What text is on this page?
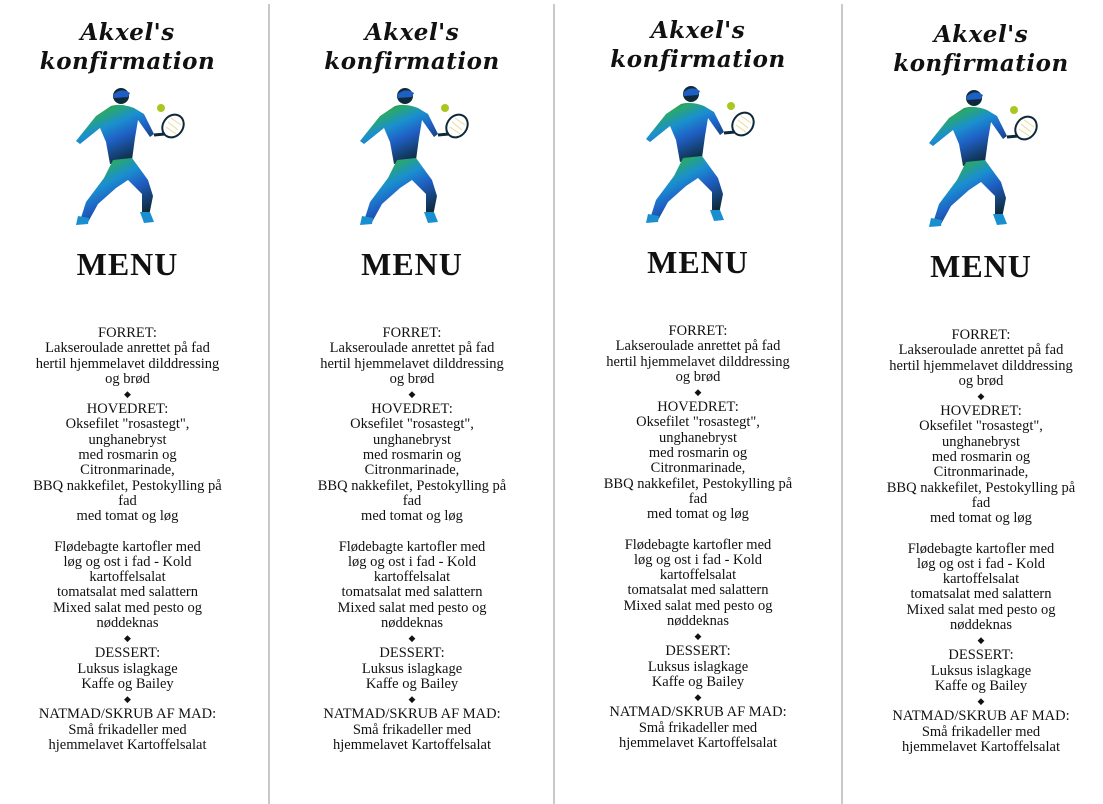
Akxel's
konfirmation
MENU
FORRET:
Lakseroulade anrettet på fad
hertil hjemmelavet dilddressing
og brød
◆
HOVEDRET:
Oksefilet "rosastegt",
unghanebryst
med rosmarin og
Citronmarinade,
BBQ nakkefilet, Pestokylling på
fad
med tomat og løg
Flødebagte kartofler med
løg og ost i fad - Kold
kartoffelsalat
tomatsalat med salattern
Mixed salat med pesto og
nøddeknas
◆
DESSERT:
Luksus islagkage
Kaffe og Bailey
◆
NATMAD/SKRUB AF MAD:
Små frikadeller med
hjemmelavet Kartoffelsalat
Akxel's
konfirmation
MENU
FORRET:
Lakseroulade anrettet på fad
hertil hjemmelavet dilddressing
og brød
◆
HOVEDRET:
Oksefilet "rosastegt",
unghanebryst
med rosmarin og
Citronmarinade,
BBQ nakkefilet, Pestokylling på
fad
med tomat og løg
Flødebagte kartofler med
løg og ost i fad - Kold
kartoffelsalat
tomatsalat med salattern
Mixed salat med pesto og
nøddeknas
◆
DESSERT:
Luksus islagkage
Kaffe og Bailey
◆
NATMAD/SKRUB AF MAD:
Små frikadeller med
hjemmelavet Kartoffelsalat
Akxel's
konfirmation
MENU
FORRET:
Lakseroulade anrettet på fad
hertil hjemmelavet dilddressing
og brød
◆
HOVEDRET:
Oksefilet "rosastegt",
unghanebryst
med rosmarin og
Citronmarinade,
BBQ nakkefilet, Pestokylling på
fad
med tomat og løg
Flødebagte kartofler med
løg og ost i fad - Kold
kartoffelsalat
tomatsalat med salattern
Mixed salat med pesto og
nøddeknas
◆
DESSERT:
Luksus islagkage
Kaffe og Bailey
◆
NATMAD/SKRUB AF MAD:
Små frikadeller med
hjemmelavet Kartoffelsalat
Akxel's
konfirmation
MENU
FORRET:
Lakseroulade anrettet på fad
hertil hjemmelavet dilddressing
og brød
◆
HOVEDRET:
Oksefilet "rosastegt",
unghanebryst
med rosmarin og
Citronmarinade,
BBQ nakkefilet, Pestokylling på
fad
med tomat og løg
Flødebagte kartofler med
løg og ost i fad - Kold
kartoffelsalat
tomatsalat med salattern
Mixed salat med pesto og
nøddeknas
◆
DESSERT:
Luksus islagkage
Kaffe og Bailey
◆
NATMAD/SKRUB AF MAD:
Små frikadeller med
hjemmelavet Kartoffelsalat
